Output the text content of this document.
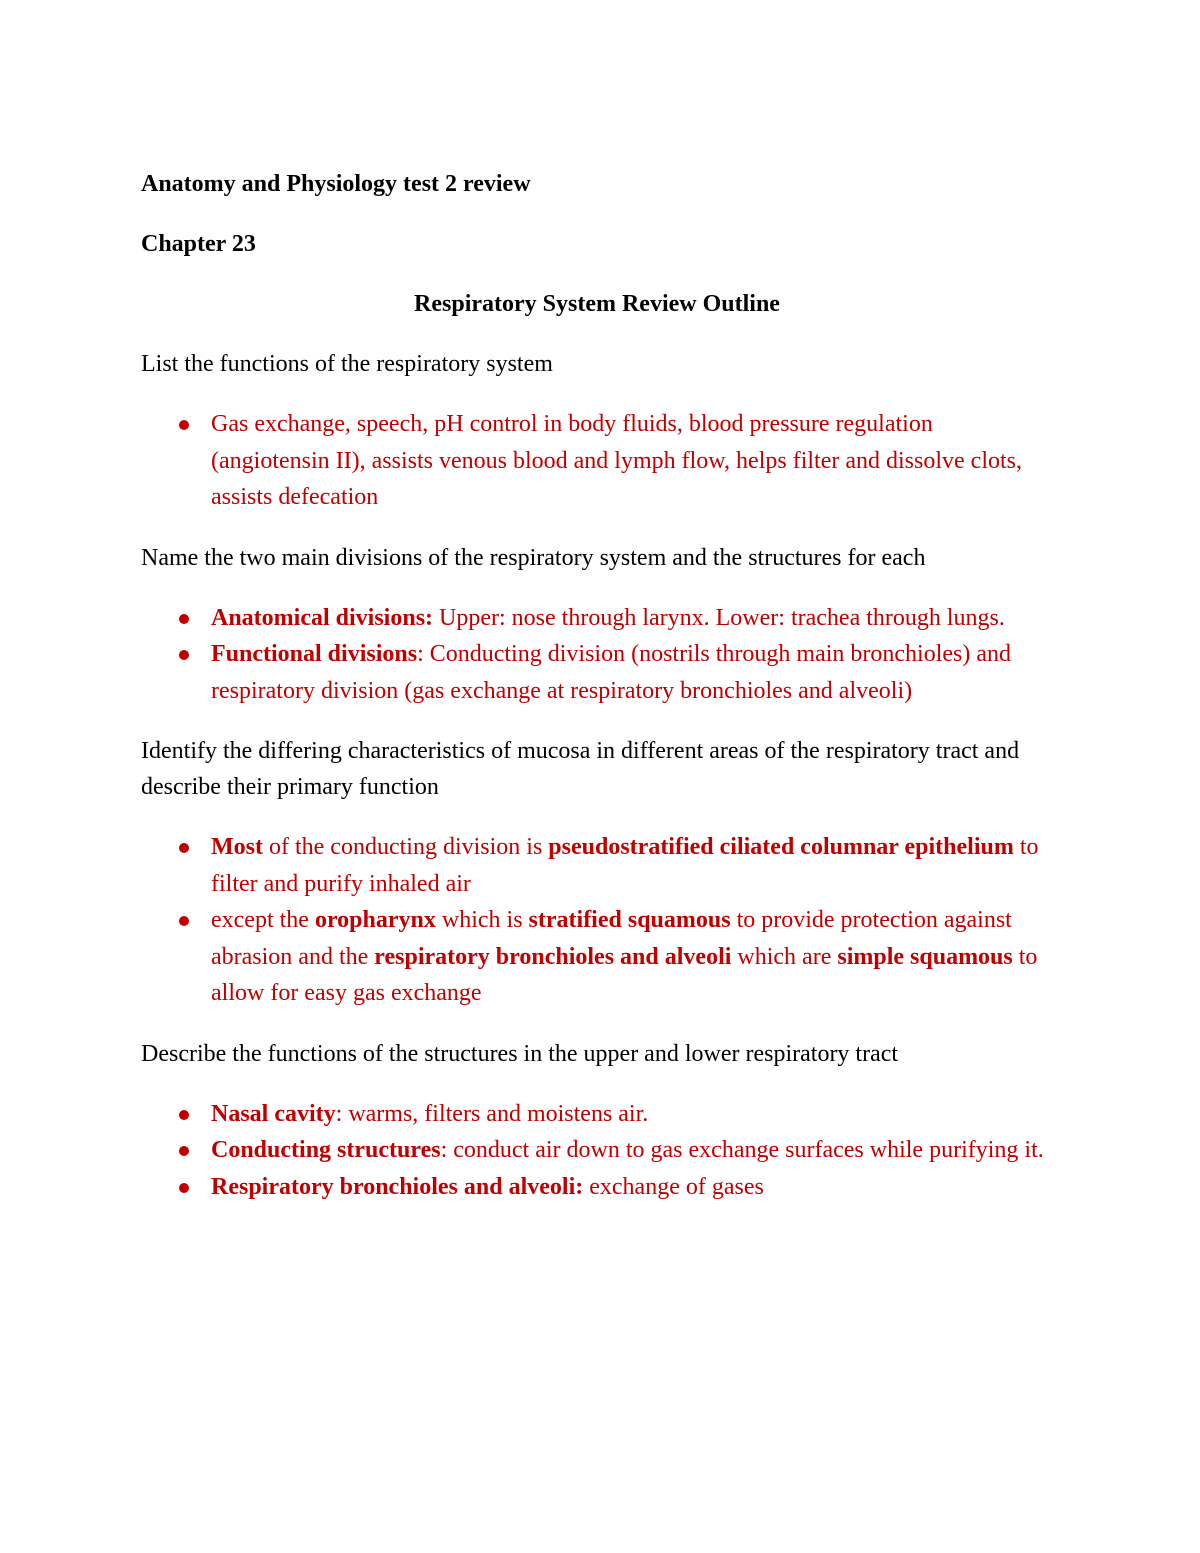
Anatomy and Physiology test 2 review

Chapter 23

Respiratory System Review Outline

List the functions of the respiratory system

Gas exchange, speech, pH control in body fluids, blood pressure regulation (angiotensin II), assists venous blood and lymph flow, helps filter and dissolve clots, assists defecation

Name the two main divisions of the respiratory system and the structures for each

Anatomical divisions: Upper: nose through larynx. Lower: trachea through lungs.
Functional divisions: Conducting division (nostrils through main bronchioles) and respiratory division (gas exchange at respiratory bronchioles and alveoli)

Identify the differing characteristics of mucosa in different areas of the respiratory tract and describe their primary function

Most of the conducting division is pseudostratified ciliated columnar epithelium to filter and purify inhaled air
except the oropharynx which is stratified squamous to provide protection against abrasion and the respiratory bronchioles and alveoli which are simple squamous to allow for easy gas exchange

Describe the functions of the structures in the upper and lower respiratory tract

Nasal cavity: warms, filters and moistens air.
Conducting structures: conduct air down to gas exchange surfaces while purifying it.
Respiratory bronchioles and alveoli: exchange of gases
